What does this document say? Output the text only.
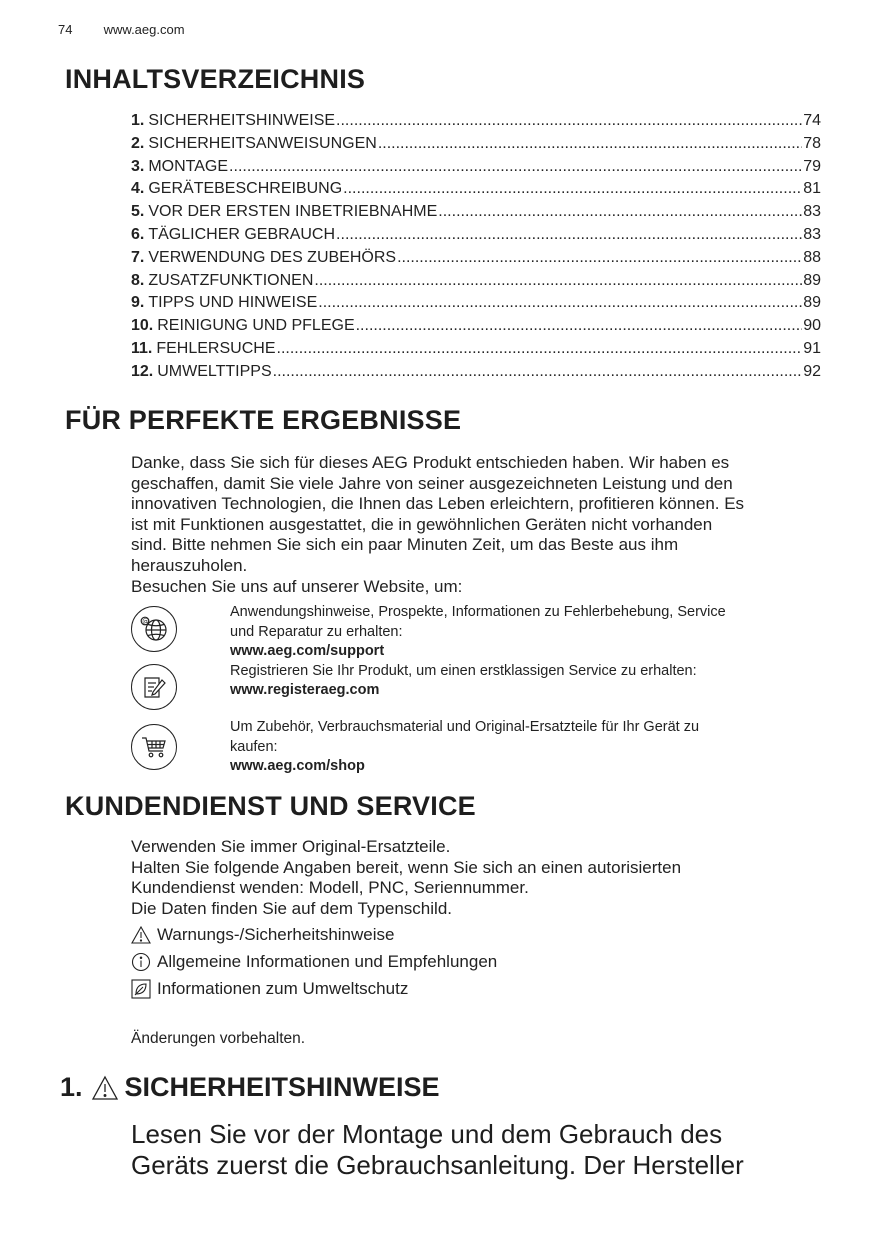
74 www.aeg.com
INHALTSVERZEICHNIS
1. SICHERHEITSHINWEISE .....	74
2. SICHERHEITSANWEISUNGEN .....	78
3. MONTAGE .....	79
4. GERÄTEBESCHREIBUNG .....	81
5. VOR DER ERSTEN INBETRIEBNAHME .....	83
6. TÄGLICHER GEBRAUCH .....	83
7. VERWENDUNG DES ZUBEHÖRS .....	88
8. ZUSATZFUNKTIONEN .....	89
9. TIPPS UND HINWEISE .....	89
10. REINIGUNG UND PFLEGE .....	90
11. FEHLERSUCHE .....	91
12. UMWELTTIPPS .....	92
FÜR PERFEKTE ERGEBNISSE
Danke, dass Sie sich für dieses AEG Produkt entschieden haben. Wir haben es
geschaffen, damit Sie viele Jahre von seiner ausgezeichneten Leistung und den
innovativen Technologien, die Ihnen das Leben erleichtern, profitieren können. Es
ist mit Funktionen ausgestattet, die in gewöhnlichen Geräten nicht vorhanden
sind. Bitte nehmen Sie sich ein paar Minuten Zeit, um das Beste aus ihm
herauszuholen.
Besuchen Sie uns auf unserer Website, um:
@
Anwendungshinweise, Prospekte, Informationen zu Fehlerbehebung, Service
und Reparatur zu erhalten:
www.aeg.com/support
Registrieren Sie Ihr Produkt, um einen erstklassigen Service zu erhalten:
www.registeraeg.com
Um Zubehör, Verbrauchsmaterial und Original-Ersatzteile für Ihr Gerät zu
kaufen:
www.aeg.com/shop
KUNDENDIENST UND SERVICE
Verwenden Sie immer Original-Ersatzteile.
Halten Sie folgende Angaben bereit, wenn Sie sich an einen autorisierten
Kundendienst wenden: Modell, PNC, Seriennummer.
Die Daten finden Sie auf dem Typenschild.
Warnungs-/Sicherheitshinweise
Allgemeine Informationen und Empfehlungen
Informationen zum Umweltschutz
Änderungen vorbehalten.
1. SICHERHEITSHINWEISE
Lesen Sie vor der Montage und dem Gebrauch des
Geräts zuerst die Gebrauchsanleitung. Der Hersteller
